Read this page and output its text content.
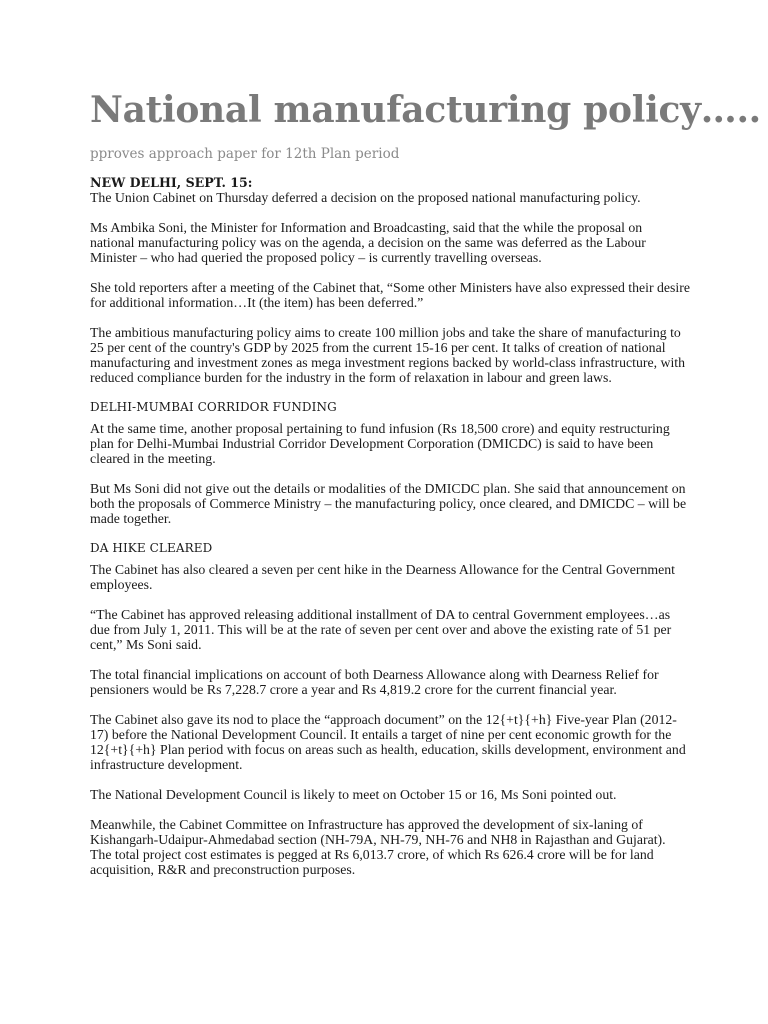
National manufacturing policy…..

pproves approach paper for 12th Plan period

NEW DELHI, SEPT. 15:

The Union Cabinet on Thursday deferred a decision on the proposed national manufacturing policy.

Ms Ambika Soni, the Minister for Information and Broadcasting, said that the while the proposal on national manufacturing policy was on the agenda, a decision on the same was deferred as the Labour Minister – who had queried the proposed policy – is currently travelling overseas.

She told reporters after a meeting of the Cabinet that, “Some other Ministers have also expressed their desire for additional information…It (the item) has been deferred.”

The ambitious manufacturing policy aims to create 100 million jobs and take the share of manufacturing to 25 per cent of the country's GDP by 2025 from the current 15-16 per cent. It talks of creation of national manufacturing and investment zones as mega investment regions backed by world-class infrastructure, with reduced compliance burden for the industry in the form of relaxation in labour and green laws.

DELHI-MUMBAI CORRIDOR FUNDING

At the same time, another proposal pertaining to fund infusion (Rs 18,500 crore) and equity restructuring plan for Delhi-Mumbai Industrial Corridor Development Corporation (DMICDC) is said to have been cleared in the meeting.

But Ms Soni did not give out the details or modalities of the DMICDC plan. She said that announcement on both the proposals of Commerce Ministry – the manufacturing policy, once cleared, and DMICDC – will be made together.

DA HIKE CLEARED

The Cabinet has also cleared a seven per cent hike in the Dearness Allowance for the Central Government employees.

“The Cabinet has approved releasing additional installment of DA to central Government employees…as due from July 1, 2011. This will be at the rate of seven per cent over and above the existing rate of 51 per cent,” Ms Soni said.

The total financial implications on account of both Dearness Allowance along with Dearness Relief for pensioners would be Rs 7,228.7 crore a year and Rs 4,819.2 crore for the current financial year.

The Cabinet also gave its nod to place the “approach document” on the 12{+t}{+h} Five-year Plan (2012-17) before the National Development Council. It entails a target of nine per cent economic growth for the 12{+t}{+h} Plan period with focus on areas such as health, education, skills development, environment and infrastructure development.

The National Development Council is likely to meet on October 15 or 16, Ms Soni pointed out.

Meanwhile, the Cabinet Committee on Infrastructure has approved the development of six-laning of Kishangarh-Udaipur-Ahmedabad section (NH-79A, NH-79, NH-76 and NH8 in Rajasthan and Gujarat). The total project cost estimates is pegged at Rs 6,013.7 crore, of which Rs 626.4 crore will be for land acquisition, R&R and preconstruction purposes.
